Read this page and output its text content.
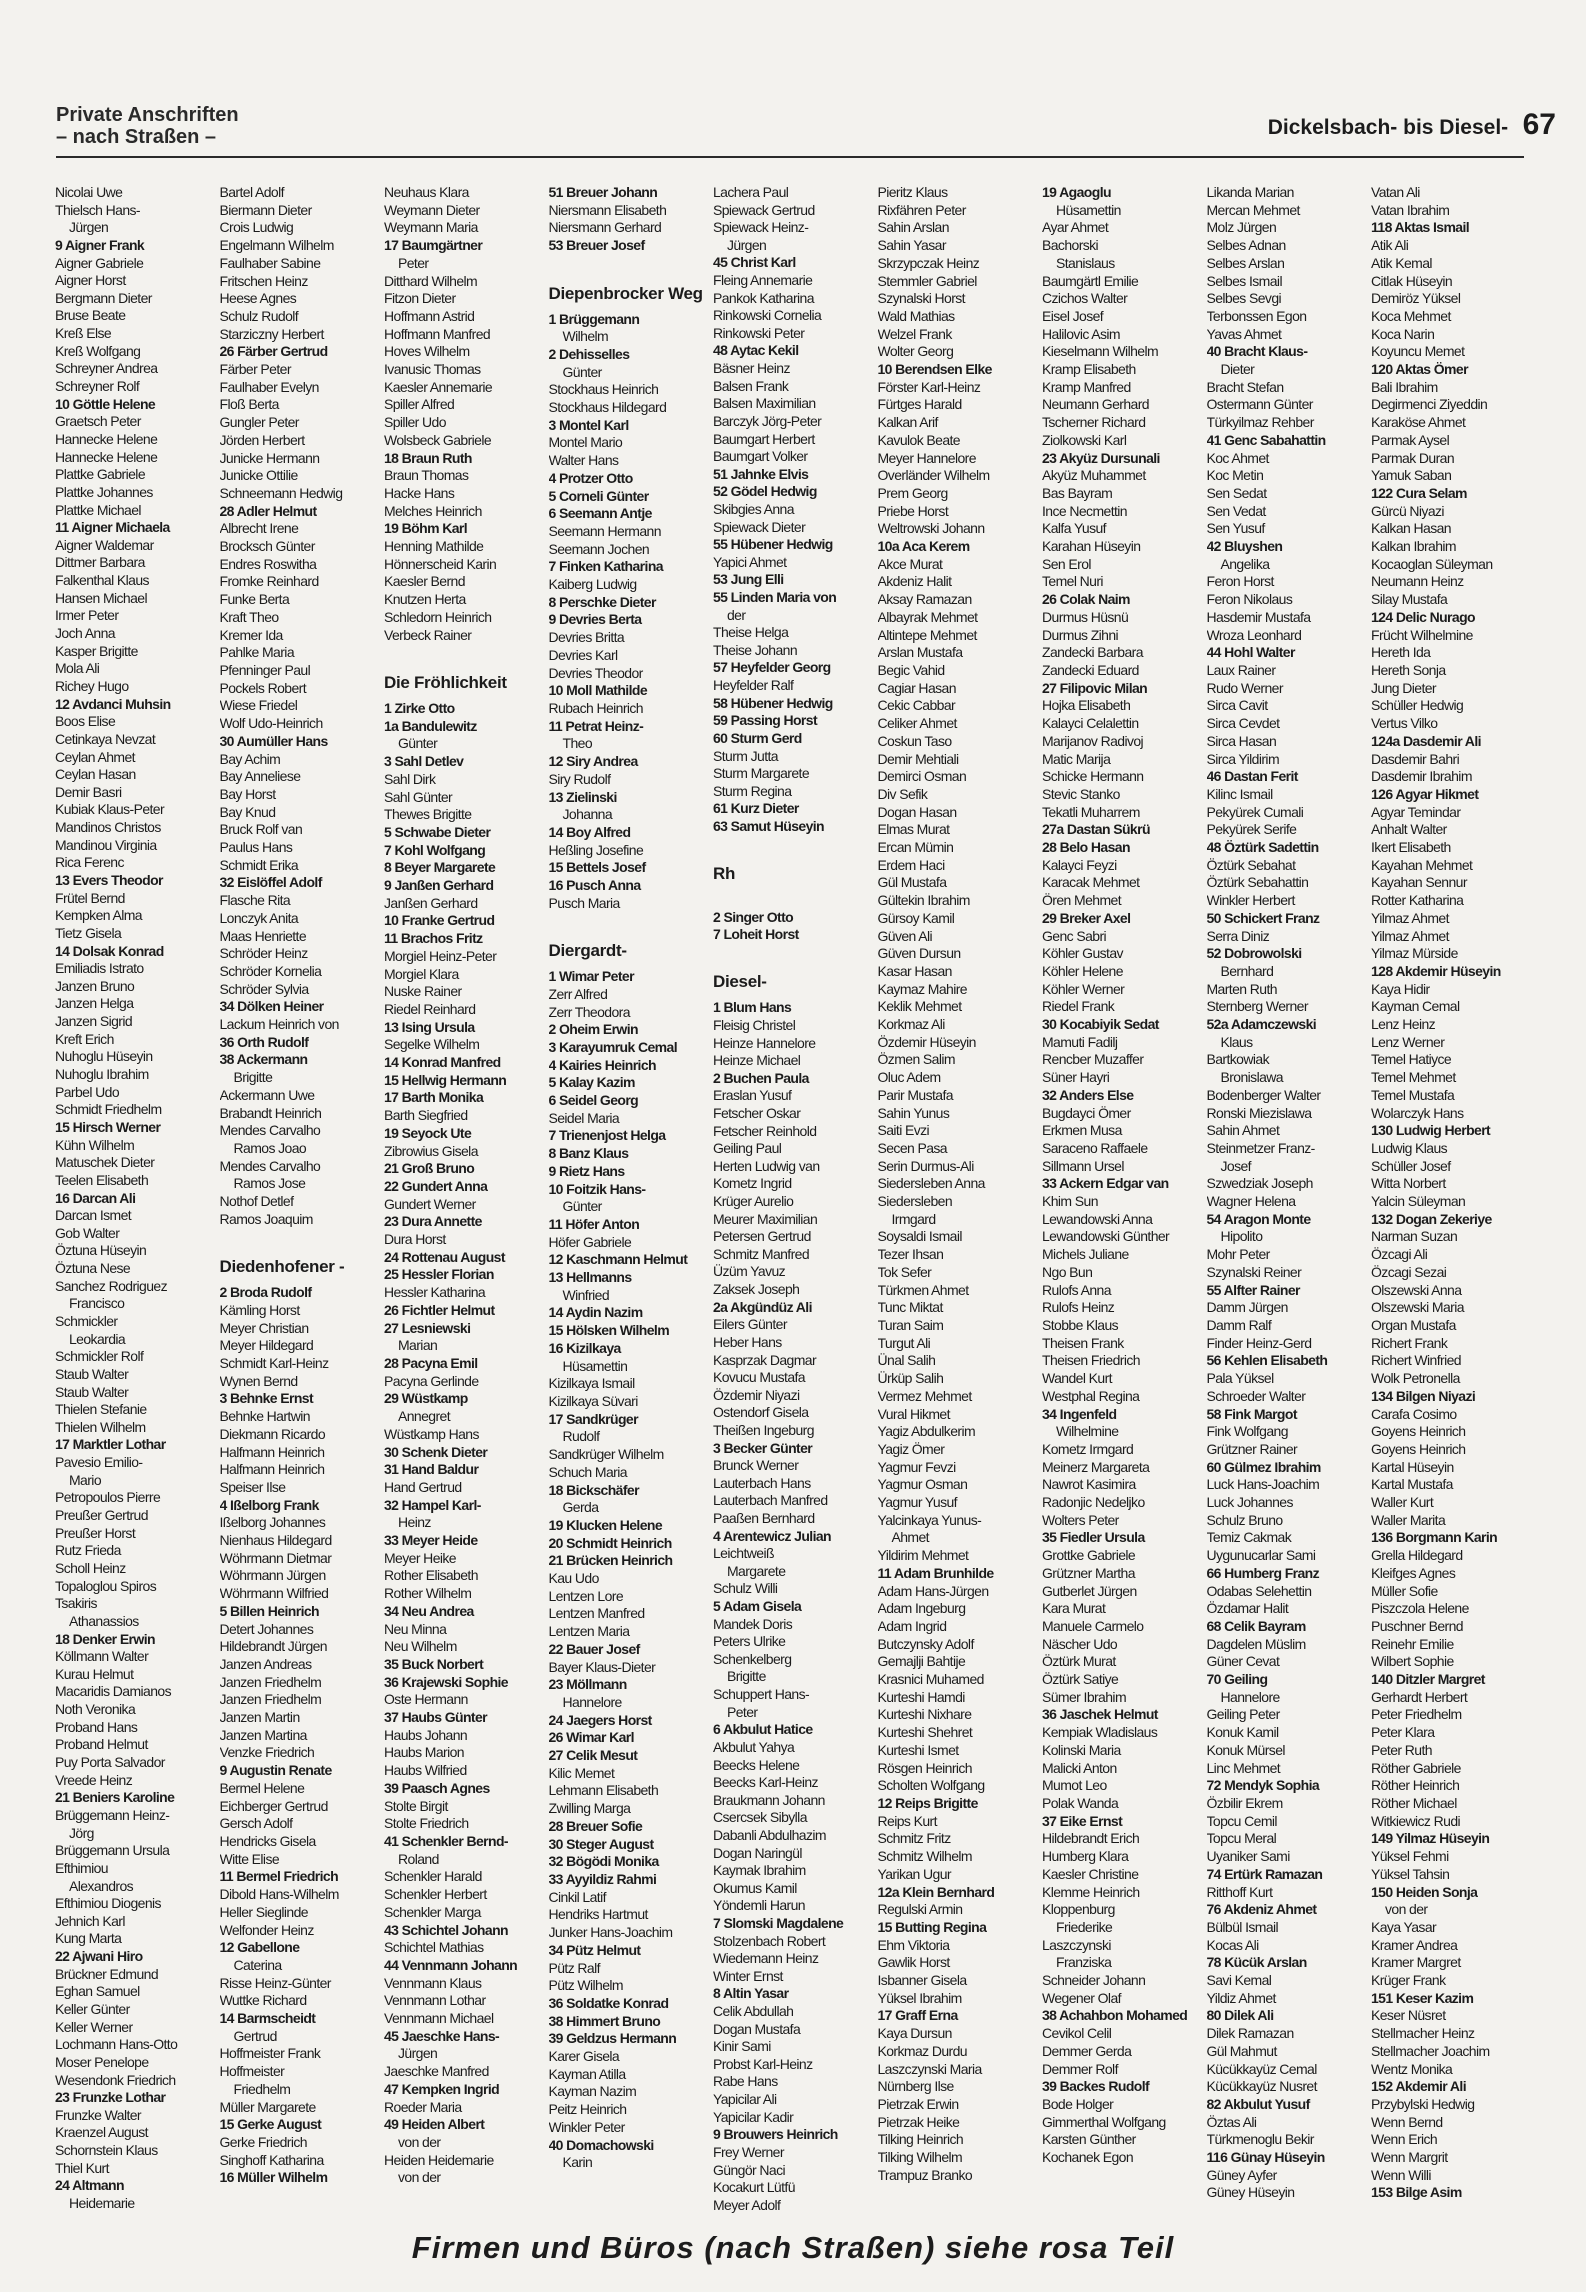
Private Anschriften
– nach Straßen –	Dickelsbach- bis Diesel- 67
Nicolai Uwe
Thielsch Hans-
Jürgen
9 Aigner Frank
Aigner Gabriele
Aigner Horst
Bergmann Dieter
Bruse Beate
Kreß Else
Kreß Wolfgang
Schreyner Andrea
Schreyner Rolf
10 Göttle Helene
Graetsch Peter
Hannecke Helene
Hannecke Helene
Plattke Gabriele
Plattke Johannes
Plattke Michael
11 Aigner Michaela
Aigner Waldemar
Dittmer Barbara
Falkenthal Klaus
Hansen Michael
Irmer Peter
Joch Anna
Kasper Brigitte
Mola Ali
Richey Hugo
12 Avdanci Muhsin
Boos Elise
Cetinkaya Nevzat
Ceylan Ahmet
Ceylan Hasan
Demir Basri
Kubiak Klaus-Peter
Mandinos Christos
Mandinou Virginia
Rica Ferenc
13 Evers Theodor
Frütel Bernd
Kempken Alma
Tietz Gisela
14 Dolsak Konrad
Emiliadis Istrato
Janzen Bruno
Janzen Helga
Janzen Sigrid
Kreft Erich
Nuhoglu Hüseyin
Nuhoglu Ibrahim
Parbel Udo
Schmidt Friedhelm
15 Hirsch Werner
Kühn Wilhelm
Matuschek Dieter
Teelen Elisabeth
16 Darcan Ali
Darcan Ismet
Gob Walter
Öztuna Hüseyin
Öztuna Nese
Sanchez Rodriguez
Francisco
Schmickler
Leokardia
Schmickler Rolf
Staub Walter
Staub Walter
Thielen Stefanie
Thielen Wilhelm
17 Marktler Lothar
Pavesio Emilio-
Mario
Petropoulos Pierre
Preußer Gertrud
Preußer Horst
Rutz Frieda
Scholl Heinz
Topaloglou Spiros
Tsakiris
Athanassios
18 Denker Erwin
Köllmann Walter
Kurau Helmut
Macaridis Damianos
Noth Veronika
Proband Hans
Proband Helmut
Puy Porta Salvador
Vreede Heinz
21 Beniers Karoline
Brüggemann Heinz-
Jörg
Brüggemann Ursula
Efthimiou
Alexandros
Efthimiou Diogenis
Jehnich Karl
Kung Marta
22 Ajwani Hiro
Brückner Edmund
Eghan Samuel
Keller Günter
Keller Werner
Lochmann Hans-Otto
Moser Penelope
Wesendonk Friedrich
23 Frunzke Lothar
Frunzke Walter
Kraenzel August
Schornstein Klaus
Thiel Kurt
24 Altmann
Heidemarie
Bartel Adolf
Biermann Dieter
Crois Ludwig
Engelmann Wilhelm
Faulhaber Sabine
Fritschen Heinz
Heese Agnes
Schulz Rudolf
Starziczny Herbert
26 Färber Gertrud
Färber Peter
Faulhaber Evelyn
Floß Berta
Gungler Peter
Jörden Herbert
Junicke Hermann
Junicke Ottilie
Schneemann Hedwig
28 Adler Helmut
Albrecht Irene
Brocksch Günter
Endres Roswitha
Fromke Reinhard
Funke Berta
Kraft Theo
Kremer Ida
Pahlke Maria
Pfenninger Paul
Pockels Robert
Wiese Friedel
Wolf Udo-Heinrich
30 Aumüller Hans
Bay Achim
Bay Anneliese
Bay Horst
Bay Knud
Bruck Rolf van
Paulus Hans
Schmidt Erika
32 Eislöffel Adolf
Flasche Rita
Lonczyk Anita
Maas Henriette
Schröder Heinz
Schröder Kornelia
Schröder Sylvia
34 Dölken Heiner
Lackum Heinrich von
36 Orth Rudolf
38 Ackermann
Brigitte
Ackermann Uwe
Brabandt Heinrich
Mendes Carvalho
Ramos Joao
Mendes Carvalho
Ramos Jose
Nothof Detlef
Ramos Joaquim

Diedenhofener -
2 Broda Rudolf
Kämling Horst
Meyer Christian
Meyer Hildegard
Schmidt Karl-Heinz
Wynen Bernd
3 Behnke Ernst
Behnke Hartwin
Diekmann Ricardo
Halfmann Heinrich
Halfmann Heinrich
Speiser Ilse
4 Ißelborg Frank
Ißelborg Johannes
Nienhaus Hildegard
Wöhrmann Dietmar
Wöhrmann Jürgen
Wöhrmann Wilfried
5 Billen Heinrich
Detert Johannes
Hildebrandt Jürgen
Janzen Andreas
Janzen Friedhelm
Janzen Friedhelm
Janzen Martin
Janzen Martina
Venzke Friedrich
9 Augustin Renate
Bermel Helene
Eichberger Gertrud
Gersch Adolf
Hendricks Gisela
Witte Elise
11 Bermel Friedrich
Dibold Hans-Wilhelm
Heller Sieglinde
Welfonder Heinz
12 Gabellone
Caterina
Risse Heinz-Günter
Wuttke Richard
14 Barmscheidt
Gertrud
Hoffmeister Frank
Hoffmeister
Friedhelm
Müller Margarete
15 Gerke August
Gerke Friedrich
Singhoff Katharina
16 Müller Wilhelm
Neuhaus Klara
Weymann Dieter
Weymann Maria
17 Baumgärtner
Peter
Ditthard Wilhelm
Fitzon Dieter
Hoffmann Astrid
Hoffmann Manfred
Hoves Wilhelm
Ivanusic Thomas
Kaesler Annemarie
Spiller Alfred
Spiller Udo
Wolsbeck Gabriele
18 Braun Ruth
Braun Thomas
Hacke Hans
Melches Heinrich
19 Böhm Karl
Henning Mathilde
Hönnerscheid Karin
Kaesler Bernd
Knutzen Herta
Schledorn Heinrich
Verbeck Rainer

Die Fröhlichkeit
1 Zirke Otto
1a Bandulewitz
Günter
3 Sahl Detlev
Sahl Dirk
Sahl Günter
Thewes Brigitte
5 Schwabe Dieter
7 Kohl Wolfgang
8 Beyer Margarete
9 Janßen Gerhard
Janßen Gerhard
10 Franke Gertrud
11 Brachos Fritz
Morgiel Heinz-Peter
Morgiel Klara
Nuske Rainer
Riedel Reinhard
13 Ising Ursula
Segelke Wilhelm
14 Konrad Manfred
15 Hellwig Hermann
17 Barth Monika
Barth Siegfried
19 Seyock Ute
Zibrowius Gisela
21 Groß Bruno
22 Gundert Anna
Gundert Werner
23 Dura Annette
Dura Horst
24 Rottenau August
25 Hessler Florian
Hessler Katharina
26 Fichtler Helmut
27 Lesniewski
Marian
28 Pacyna Emil
Pacyna Gerlinde
29 Wüstkamp
Annegret
Wüstkamp Hans
30 Schenk Dieter
31 Hand Baldur
Hand Gertrud
32 Hampel Karl-
Heinz
33 Meyer Heide
Meyer Heike
Rother Elisabeth
Rother Wilhelm
34 Neu Andrea
Neu Minna
Neu Wilhelm
35 Buck Norbert
36 Krajewski Sophie
Oste Hermann
37 Haubs Günter
Haubs Johann
Haubs Marion
Haubs Wilfried
39 Paasch Agnes
Stolte Birgit
Stolte Friedrich
41 Schenkler Bernd-
Roland
Schenkler Harald
Schenkler Herbert
Schenkler Marga
43 Schichtel Johann
Schichtel Mathias
44 Vennmann Johann
Vennmann Klaus
Vennmann Lothar
Vennmann Michael
45 Jaeschke Hans-
Jürgen
Jaeschke Manfred
47 Kempken Ingrid
Roeder Maria
49 Heiden Albert
von der
Heiden Heidemarie
von der
51 Breuer Johann
Niersmann Elisabeth
Niersmann Gerhard
53 Breuer Josef

Diepenbrocker Weg
1 Brüggemann
Wilhelm
2 Dehisselles
Günter
Stockhaus Heinrich
Stockhaus Hildegard
3 Montel Karl
Montel Mario
Walter Hans
4 Protzer Otto
5 Corneli Günter
6 Seemann Antje
Seemann Hermann
Seemann Jochen
7 Finken Katharina
Kaiberg Ludwig
8 Perschke Dieter
9 Devries Berta
Devries Britta
Devries Karl
Devries Theodor
10 Moll Mathilde
Rubach Heinrich
11 Petrat Heinz-
Theo
12 Siry Andrea
Siry Rudolf
13 Zielinski
Johanna
14 Boy Alfred
Heßling Josefine
15 Bettels Josef
16 Pusch Anna
Pusch Maria

Diergardt-
1 Wimar Peter
Zerr Alfred
Zerr Theodora
2 Oheim Erwin
3 Karayumruk Cemal
4 Kairies Heinrich
5 Kalay Kazim
6 Seidel Georg
Seidel Maria
7 Trienenjost Helga
8 Banz Klaus
9 Rietz Hans
10 Foitzik Hans-
Günter
11 Höfer Anton
Höfer Gabriele
12 Kaschmann Helmut
13 Hellmanns
Winfried
14 Aydin Nazim
15 Hölsken Wilhelm
16 Kizilkaya
Hüsamettin
Kizilkaya Ismail
Kizilkaya Süvari
17 Sandkrüger
Rudolf
Sandkrüger Wilhelm
Schuch Maria
18 Bickschäfer
Gerda
19 Klucken Helene
20 Schmidt Heinrich
21 Brücken Heinrich
Kau Udo
Lentzen Lore
Lentzen Manfred
Lentzen Maria
22 Bauer Josef
Bayer Klaus-Dieter
23 Möllmann
Hannelore
24 Jaegers Horst
26 Wimar Karl
27 Celik Mesut
Kilic Memet
Lehmann Elisabeth
Zwilling Marga
28 Breuer Sofie
30 Steger August
32 Bögödi Monika
33 Ayyildiz Rahmi
Cinkil Latif
Hendriks Hartmut
Junker Hans-Joachim
34 Pütz Helmut
Pütz Ralf
Pütz Wilhelm
36 Soldatke Konrad
38 Himmert Bruno
39 Geldzus Hermann
Karer Gisela
Kayman Atilla
Kayman Nazim
Peitz Heinrich
Winkler Peter
40 Domachowski
Karin
Lachera Paul
Spiewack Gertrud
Spiewack Heinz-
Jürgen
45 Christ Karl
Fleing Annemarie
Pankok Katharina
Rinkowski Cornelia
Rinkowski Peter
48 Aytac Kekil
Bäsner Heinz
Balsen Frank
Balsen Maximilian
Barczyk Jörg-Peter
Baumgart Herbert
Baumgart Volker
51 Jahnke Elvis
52 Gödel Hedwig
Skibgies Anna
Spiewack Dieter
55 Hübener Hedwig
Yapici Ahmet
53 Jung Elli
55 Linden Maria von
der
Theise Helga
Theise Johann
57 Heyfelder Georg
Heyfelder Ralf
58 Hübener Hedwig
59 Passing Horst
60 Sturm Gerd
Sturm Jutta
Sturm Margarete
Sturm Regina
61 Kurz Dieter
63 Samut Hüseyin

Rh

2 Singer Otto
7 Loheit Horst

Diesel-
1 Blum Hans
Fleisig Christel
Heinze Hannelore
Heinze Michael
2 Buchen Paula
Eraslan Yusuf
Fetscher Oskar
Fetscher Reinhold
Geiling Paul
Herten Ludwig van
Kometz Ingrid
Krüger Aurelio
Meurer Maximilian
Petersen Gertrud
Schmitz Manfred
Üzüm Yavuz
Zaksek Joseph
2a Akgündüz Ali
Eilers Günter
Heber Hans
Kasprzak Dagmar
Kovucu Mustafa
Özdemir Niyazi
Ostendorf Gisela
Theißen Ingeburg
3 Becker Günter
Brunck Werner
Lauterbach Hans
Lauterbach Manfred
Paaßen Bernhard
4 Arentewicz Julian
Leichtweiß
Margarete
Schulz Willi
5 Adam Gisela
Mandek Doris
Peters Ulrike
Schenkelberg
Brigitte
Schuppert Hans-
Peter
6 Akbulut Hatice
Akbulut Yahya
Beecks Helene
Beecks Karl-Heinz
Braukmann Johann
Csercsek Sibylla
Dabanli Abdulhazim
Dogan Naringül
Kaymak Ibrahim
Okumus Kamil
Yöndemli Harun
7 Slomski Magdalene
Stolzenbach Robert
Wiedemann Heinz
Winter Ernst
8 Altin Yasar
Celik Abdullah
Dogan Mustafa
Kinir Sami
Probst Karl-Heinz
Rabe Hans
Yapicilar Ali
Yapicilar Kadir
9 Brouwers Heinrich
Frey Werner
Güngör Naci
Kocakurt Lütfü
Meyer Adolf
Pieritz Klaus
Rixfähren Peter
Sahin Arslan
Sahin Yasar
Skrzypczak Heinz
Stemmler Gabriel
Szynalski Horst
Wald Mathias
Welzel Frank
Wolter Georg
10 Berendsen Elke
Förster Karl-Heinz
Fürtges Harald
Kalkan Arif
Kavulok Beate
Meyer Hannelore
Overländer Wilhelm
Prem Georg
Priebe Horst
Weltrowski Johann
10a Aca Kerem
Akce Murat
Akdeniz Halit
Aksay Ramazan
Albayrak Mehmet
Altintepe Mehmet
Arslan Mustafa
Begic Vahid
Cagiar Hasan
Cekic Cabbar
Celiker Ahmet
Coskun Taso
Demir Mehtiali
Demirci Osman
Div Sefik
Dogan Hasan
Elmas Murat
Ercan Mümin
Erdem Haci
Gül Mustafa
Gültekin Ibrahim
Gürsoy Kamil
Güven Ali
Güven Dursun
Kasar Hasan
Kaymaz Mahire
Keklik Mehmet
Korkmaz Ali
Özdemir Hüseyin
Özmen Salim
Oluc Adem
Parir Mustafa
Sahin Yunus
Saiti Evzi
Secen Pasa
Serin Durmus-Ali
Siedersleben Anna
Siedersleben
Irmgard
Soysaldi Ismail
Tezer Ihsan
Tok Sefer
Türkmen Ahmet
Tunc Miktat
Turan Saim
Turgut Ali
Ünal Salih
Ürküp Salih
Vermez Mehmet
Vural Hikmet
Yagiz Abdulkerim
Yagiz Ömer
Yagmur Fevzi
Yagmur Osman
Yagmur Yusuf
Yalcinkaya Yunus-
Ahmet
Yildirim Mehmet
11 Adam Brunhilde
Adam Hans-Jürgen
Adam Ingeburg
Adam Ingrid
Butczynsky Adolf
Gemajlji Bahtije
Krasnici Muhamed
Kurteshi Hamdi
Kurteshi Nixhare
Kurteshi Shehret
Kurteshi Ismet
Rösgen Heinrich
Scholten Wolfgang
12 Reips Brigitte
Reips Kurt
Schmitz Fritz
Schmitz Wilhelm
Yarikan Ugur
12a Klein Bernhard
Regulski Armin
15 Butting Regina
Ehm Viktoria
Gawlik Horst
Isbanner Gisela
Yüksel Ibrahim
17 Graff Erna
Kaya Dursun
Korkmaz Durdu
Laszczynski Maria
Nürnberg Ilse
Pietrzak Erwin
Pietrzak Heike
Tilking Heinrich
Tilking Wilhelm
Trampuz Branko
19 Agaoglu
Hüsamettin
Ayar Ahmet
Bachorski
Stanislaus
Baumgärtl Emilie
Czichos Walter
Eisel Josef
Halilovic Asim
Kieselmann Wilhelm
Kramp Elisabeth
Kramp Manfred
Neumann Gerhard
Tscherner Richard
Ziolkowski Karl
23 Akyüz Dursunali
Akyüz Muhammet
Bas Bayram
Ince Necmettin
Kalfa Yusuf
Karahan Hüseyin
Sen Erol
Temel Nuri
26 Colak Naim
Durmus Hüsnü
Durmus Zihni
Zandecki Barbara
Zandecki Eduard
27 Filipovic Milan
Hojka Elisabeth
Kalayci Celalettin
Marijanov Radivoj
Matic Marija
Schicke Hermann
Stevic Stanko
Tekatli Muharrem
27a Dastan Sükrü
28 Belo Hasan
Kalayci Feyzi
Karacak Mehmet
Ören Mehmet
29 Breker Axel
Genc Sabri
Köhler Gustav
Köhler Helene
Köhler Werner
Riedel Frank
30 Kocabiyik Sedat
Mamuti Fadilj
Rencber Muzaffer
Süner Hayri
32 Anders Else
Bugdayci Ömer
Erkmen Musa
Saraceno Raffaele
Sillmann Ursel
33 Ackern Edgar van
Khim Sun
Lewandowski Anna
Lewandowski Günther
Michels Juliane
Ngo Bun
Rulofs Anna
Rulofs Heinz
Stobbe Klaus
Theisen Frank
Theisen Friedrich
Wandel Kurt
Westphal Regina
34 Ingenfeld
Wilhelmine
Kometz Irmgard
Meinerz Margareta
Nawrot Kasimira
Radonjic Nedeljko
Wolters Peter
35 Fiedler Ursula
Grottke Gabriele
Grützner Martha
Gutberlet Jürgen
Kara Murat
Manuele Carmelo
Näscher Udo
Öztürk Murat
Öztürk Satiye
Sümer Ibrahim
36 Jaschek Helmut
Kempiak Wladislaus
Kolinski Maria
Malicki Anton
Mumot Leo
Polak Wanda
37 Eike Ernst
Hildebrandt Erich
Humberg Klara
Kaesler Christine
Klemme Heinrich
Kloppenburg
Friederike
Laszczynski
Franziska
Schneider Johann
Wegener Olaf
38 Achahbon Mohamed
Cevikol Celil
Demmer Gerda
Demmer Rolf
39 Backes Rudolf
Bode Holger
Gimmerthal Wolfgang
Karsten Günther
Kochanek Egon
Likanda Marian
Mercan Mehmet
Molz Jürgen
Selbes Adnan
Selbes Arslan
Selbes Ismail
Selbes Sevgi
Terbonssen Egon
Yavas Ahmet
40 Bracht Klaus-
Dieter
Bracht Stefan
Ostermann Günter
Türkyilmaz Rehber
41 Genc Sabahattin
Koc Ahmet
Koc Metin
Sen Sedat
Sen Vedat
Sen Yusuf
42 Bluyshen
Angelika
Feron Horst
Feron Nikolaus
Hasdemir Mustafa
Wroza Leonhard
44 Hohl Walter
Laux Rainer
Rudo Werner
Sirca Cavit
Sirca Cevdet
Sirca Hasan
Sirca Yildirim
46 Dastan Ferit
Kilinc Ismail
Pekyürek Cumali
Pekyürek Serife
48 Öztürk Sadettin
Öztürk Sebahat
Öztürk Sebahattin
Winkler Herbert
50 Schickert Franz
Serra Diniz
52 Dobrowolski
Bernhard
Marten Ruth
Sternberg Werner
52a Adamczewski
Klaus
Bartkowiak
Bronislawa
Bodenberger Walter
Ronski Miezislawa
Sahin Ahmet
Steinmetzer Franz-
Josef
Szwedziak Joseph
Wagner Helena
54 Aragon Monte
Hipolito
Mohr Peter
Szynalski Reiner
55 Alfter Rainer
Damm Jürgen
Damm Ralf
Finder Heinz-Gerd
56 Kehlen Elisabeth
Pala Yüksel
Schroeder Walter
58 Fink Margot
Fink Wolfgang
Grützner Rainer
60 Gülmez Ibrahim
Luck Hans-Joachim
Luck Johannes
Schulz Bruno
Temiz Cakmak
Uygunucarlar Sami
66 Humberg Franz
Odabas Selehettin
Özdamar Halit
68 Celik Bayram
Dagdelen Müslim
Güner Cevat
70 Geiling
Hannelore
Geiling Peter
Konuk Kamil
Konuk Mürsel
Linc Mehmet
72 Mendyk Sophia
Özbilir Ekrem
Topcu Cemil
Topcu Meral
Uyaniker Sami
74 Ertürk Ramazan
Ritthoff Kurt
76 Akdeniz Ahmet
Bülbül Ismail
Kocas Ali
78 Kücük Arslan
Savi Kemal
Yildiz Ahmet
80 Dilek Ali
Dilek Ramazan
Gül Mahmut
Kücükkayüz Cemal
Kücükkayüz Nusret
82 Akbulut Yusuf
Öztas Ali
Türkmenoglu Bekir
116 Günay Hüseyin
Güney Ayfer
Güney Hüseyin
Vatan Ali
Vatan Ibrahim
118 Aktas Ismail
Atik Ali
Atik Kemal
Citlak Hüseyin
Demiröz Yüksel
Koca Mehmet
Koca Narin
Koyuncu Memet
120 Aktas Ömer
Bali Ibrahim
Degirmenci Ziyeddin
Karaköse Ahmet
Parmak Aysel
Parmak Duran
Yamuk Saban
122 Cura Selam
Gürcü Niyazi
Kalkan Hasan
Kalkan Ibrahim
Kocaoglan Süleyman
Neumann Heinz
Silay Mustafa
124 Delic Nurago
Frücht Wilhelmine
Hereth Ida
Hereth Sonja
Jung Dieter
Schüller Hedwig
Vertus Vilko
124a Dasdemir Ali
Dasdemir Bahri
Dasdemir Ibrahim
126 Agyar Hikmet
Agyar Temindar
Anhalt Walter
Ikert Elisabeth
Kayahan Mehmet
Kayahan Sennur
Rotter Katharina
Yilmaz Ahmet
Yilmaz Ahmet
Yilmaz Mürside
128 Akdemir Hüseyin
Kaya Hidir
Kayman Cemal
Lenz Heinz
Lenz Werner
Temel Hatiyce
Temel Mehmet
Temel Mustafa
Wolarczyk Hans
130 Ludwig Herbert
Ludwig Klaus
Schüller Josef
Witta Norbert
Yalcin Süleyman
132 Dogan Zekeriye
Narman Suzan
Özcagi Ali
Özcagi Sezai
Olszewski Anna
Olszewski Maria
Organ Mustafa
Richert Frank
Richert Winfried
Wolk Petronella
134 Bilgen Niyazi
Carafa Cosimo
Goyens Heinrich
Goyens Heinrich
Kartal Hüseyin
Kartal Mustafa
Waller Kurt
Waller Marita
136 Borgmann Karin
Grella Hildegard
Kleifges Agnes
Müller Sofie
Piszczola Helene
Puschner Bernd
Reinehr Emilie
Wilbert Sophie
140 Ditzler Margret
Gerhardt Herbert
Peter Friedhelm
Peter Klara
Peter Ruth
Röther Gabriele
Röther Heinrich
Röther Michael
Witkiewicz Rudi
149 Yilmaz Hüseyin
Yüksel Fehmi
Yüksel Tahsin
150 Heiden Sonja
von der
Kaya Yasar
Kramer Andrea
Kramer Margret
Krüger Frank
151 Keser Kazim
Keser Nüsret
Stellmacher Heinz
Stellmacher Joachim
Wentz Monika
152 Akdemir Ali
Przybylski Hedwig
Wenn Bernd
Wenn Erich
Wenn Margrit
Wenn Willi
153 Bilge Asim
Firmen und Büros (nach Straßen) siehe rosa Teil
